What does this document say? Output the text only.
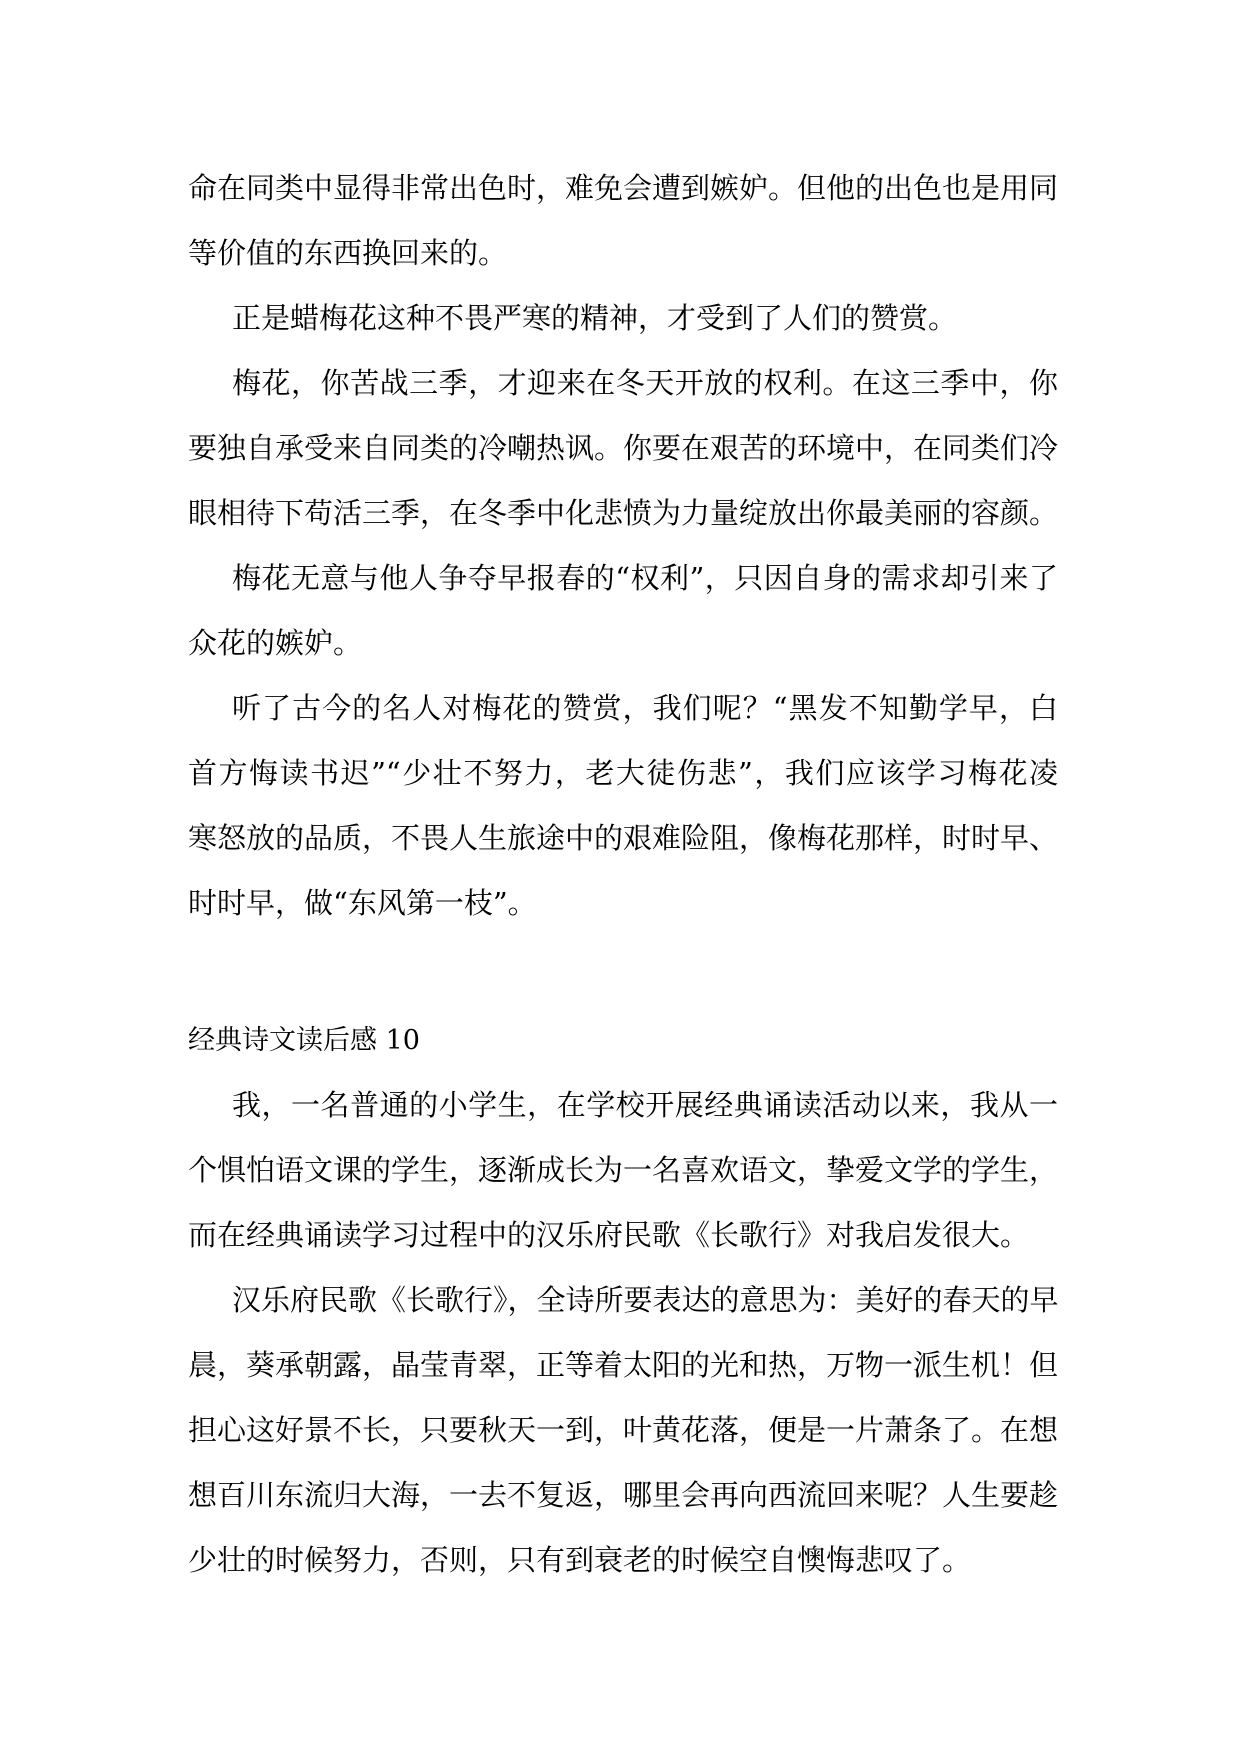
命在同类中显得非常出色时，难免会遭到嫉妒。但他的出色也是用同
等价值的东西换回来的。
正是蜡梅花这种不畏严寒的精神，才受到了人们的赞赏。
梅花，你苦战三季，才迎来在冬天开放的权利。在这三季中，你
要独自承受来自同类的冷嘲热讽。你要在艰苦的环境中，在同类们冷
眼相待下苟活三季，在冬季中化悲愤为力量绽放出你最美丽的容颜。
梅花无意与他人争夺早报春的“权利”，只因自身的需求却引来了
众花的嫉妒。
听了古今的名人对梅花的赞赏，我们呢？“黑发不知勤学早，白
首方悔读书迟”“少壮不努力，老大徒伤悲”，我们应该学习梅花凌
寒怒放的品质，不畏人生旅途中的艰难险阻，像梅花那样，时时早、
时时早，做“东风第一枝”。
经典诗文读后感 10
我，一名普通的小学生，在学校开展经典诵读活动以来，我从一
个惧怕语文课的学生，逐渐成长为一名喜欢语文，挚爱文学的学生，
而在经典诵读学习过程中的汉乐府民歌《长歌行》对我启发很大。
汉乐府民歌《长歌行》，全诗所要表达的意思为：美好的春天的早
晨，葵承朝露，晶莹青翠，正等着太阳的光和热，万物一派生机！但
担心这好景不长，只要秋天一到，叶黄花落，便是一片萧条了。在想
想百川东流归大海，一去不复返，哪里会再向西流回来呢？人生要趁
少壮的时候努力，否则，只有到衰老的时候空自懊悔悲叹了。
